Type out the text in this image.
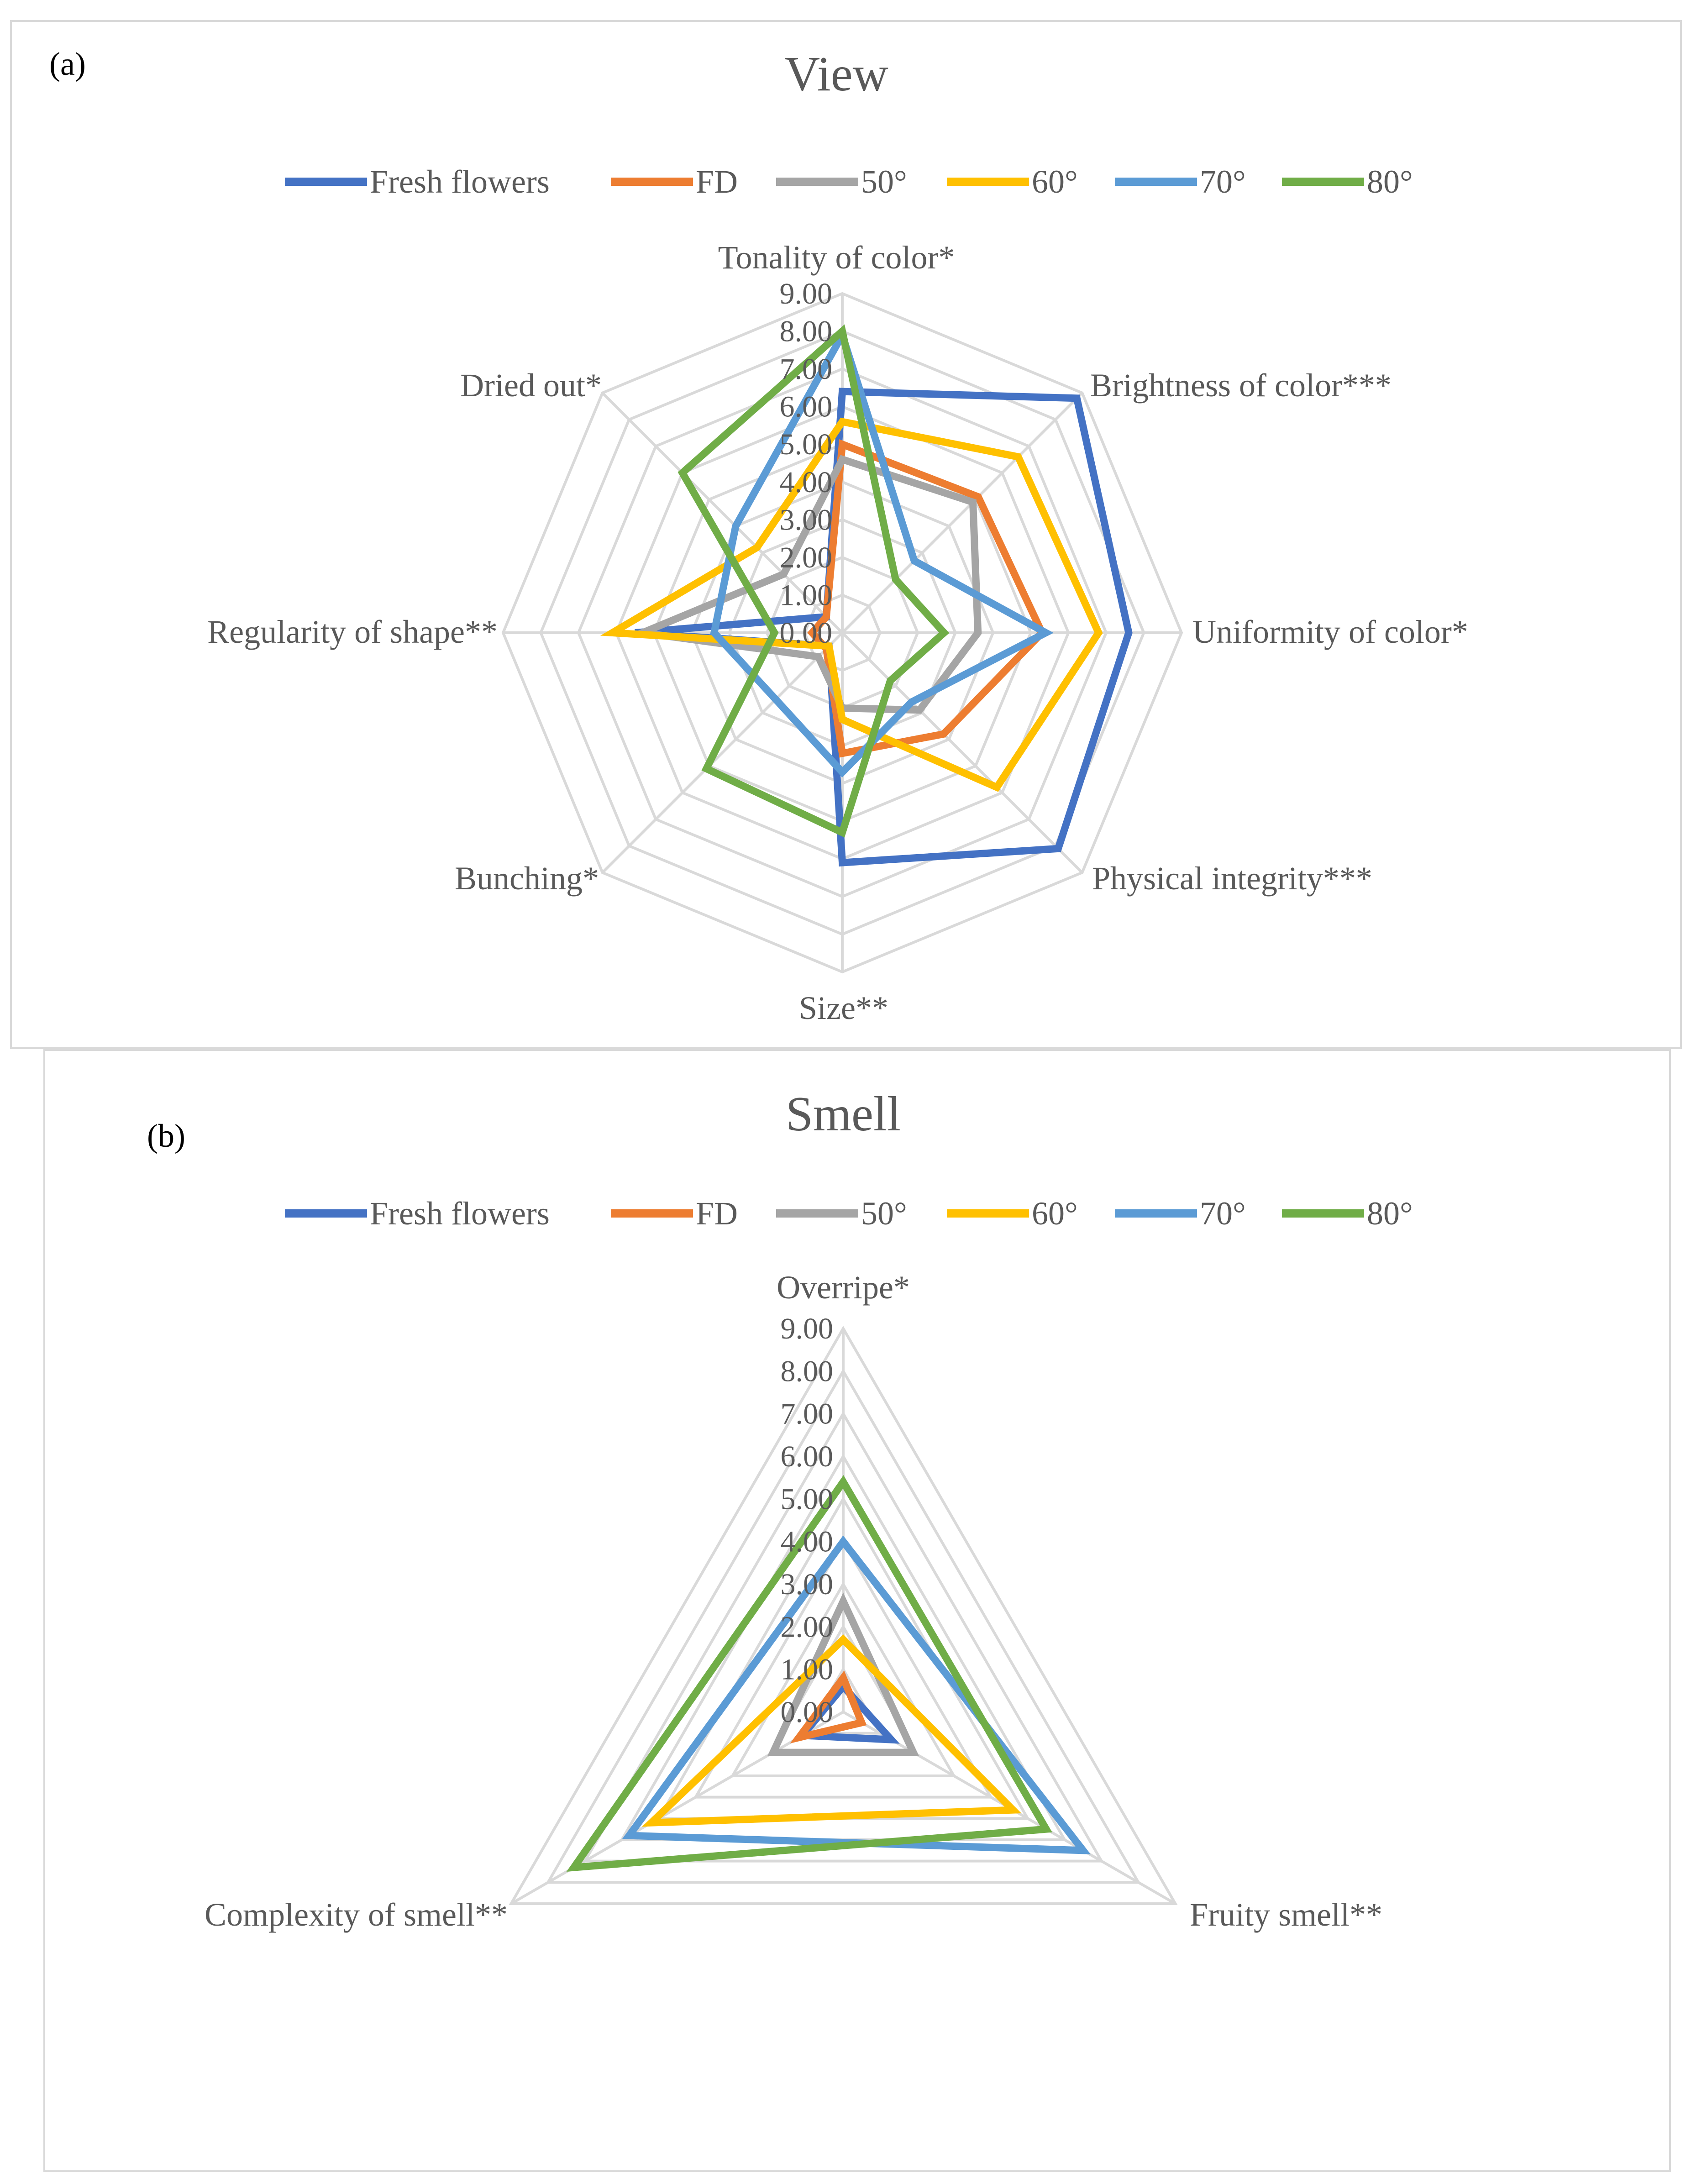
(a)	View
Fresh flowers	FD	50°	60°	70°	80°
0.00
1.00
2.00
3.00
4.00
5.00
6.00
7.00
8.00
9.00
Tonality of color*
Brightness of color***
Uniformity of color*
Physical integrity***
Size**
Bunching*
Regularity of shape**
Dried out*
(b)	Smell
Fresh flowers	FD	50°	60°	70°	80°
0.00
1.00
2.00
3.00
4.00
5.00
6.00
7.00
8.00
9.00
Overripe*
Fruity smell**
Complexity of smell**
